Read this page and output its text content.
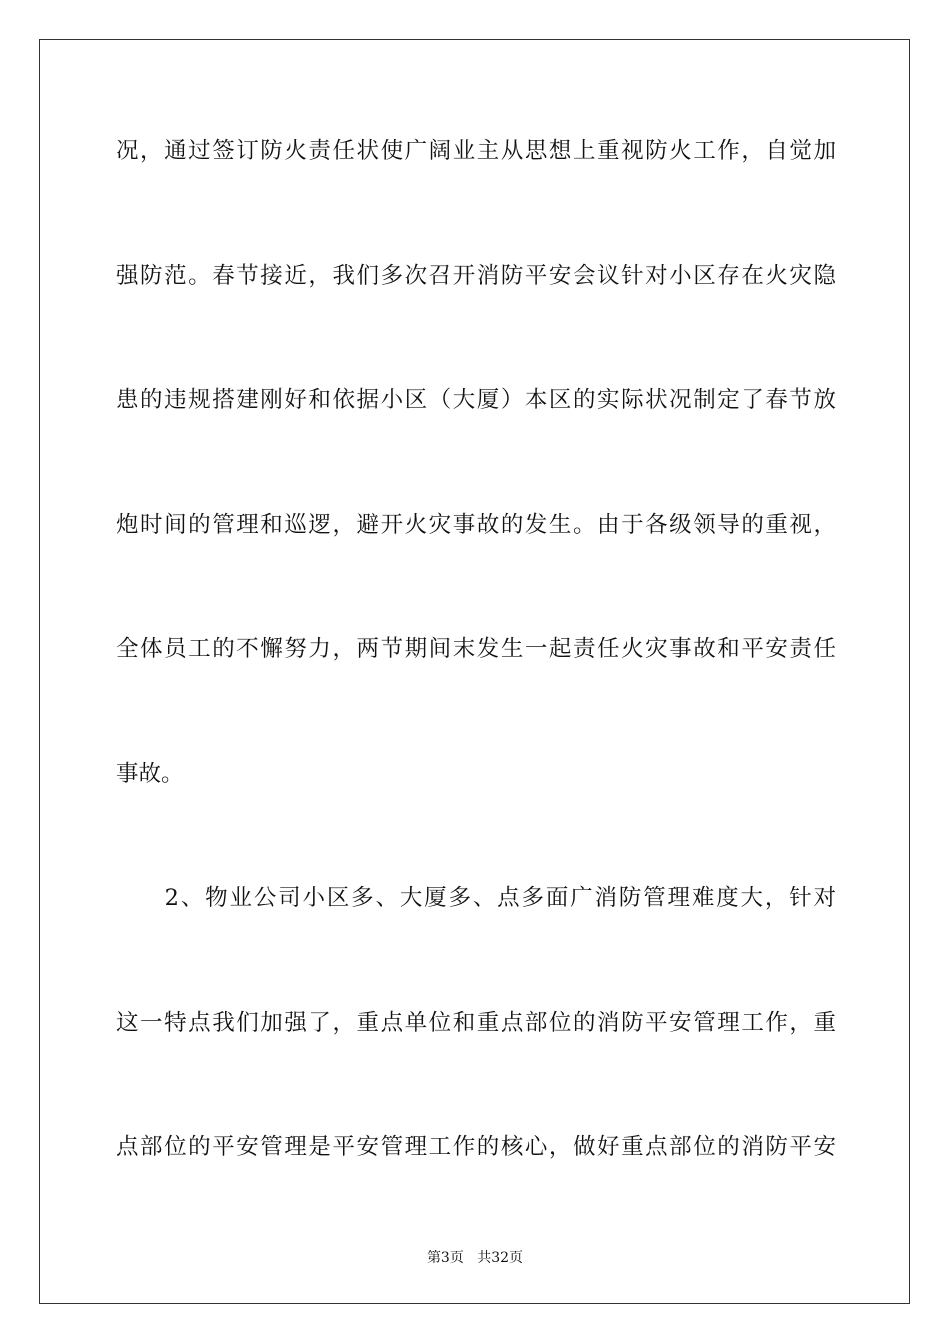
况，通过签订防火责任状使广阔业主从思想上重视防火工作，自觉加
强防范。春节接近，我们多次召开消防平安会议针对小区存在火灾隐
患的违规搭建刚好和依据小区（大厦）本区的实际状况制定了春节放
炮时间的管理和巡逻，避开火灾事故的发生。由于各级领导的重视，
全体员工的不懈努力，两节期间末发生一起责任火灾事故和平安责任
事故。
　　2、物业公司小区多、大厦多、点多面广消防管理难度大，针对
这一特点我们加强了，重点单位和重点部位的消防平安管理工作，重
点部位的平安管理是平安管理工作的核心，做好重点部位的消防平安
第3页 共32页
